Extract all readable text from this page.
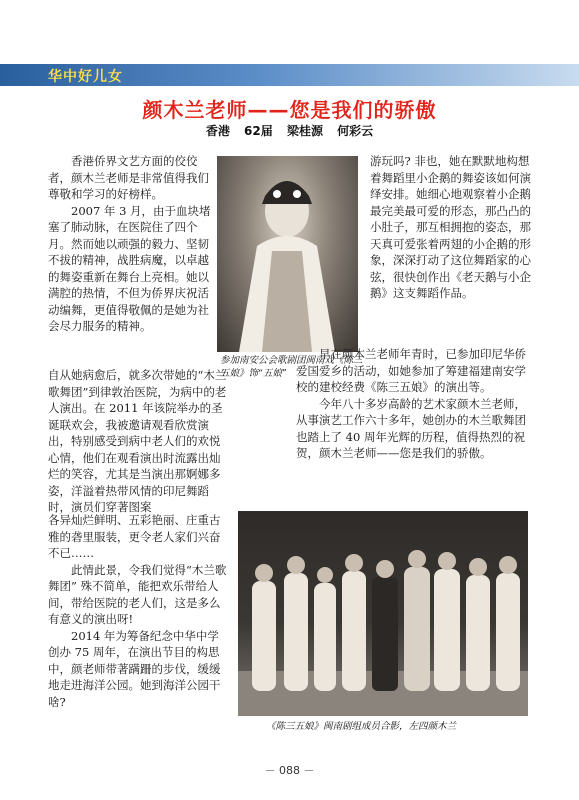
华中好儿女
颜木兰老师——您是我们的骄傲
香港 62届 梁桂源 何彩云

香港侨界文艺方面的佼佼者，颜木兰老师是非常值得我们尊敬和学习的好榜样。

2007 年 3 月，由于血块堵塞了肺动脉，在医院住了四个月。然而她以顽强的毅力、坚韧不拔的精神，战胜病魔，以卓越的舞姿重新在舞台上亮相。她以满腔的热情，不但为侨界庆祝活动编舞，更值得敬佩的是她为社会尽力服务的精神。

参加南安公会歌剧团闽南戏《陈三五娘》饰“五娘”

游玩吗? 非也，她在默默地构想着舞蹈里小企鹅的舞姿该如何演绎安排。她细心地观察着小企鹅最完美最可爱的形态，那凸凸的小肚子，那互相拥抱的姿态，那天真可爱张着两翅的小企鹅的形象，深深打动了这位舞蹈家的心弦，很快创作出《老天鹅与小企鹅》这支舞蹈作品。

自从她病愈后，就多次带她的“木兰歌舞团”到律敦治医院，为病中的老人演出。在 2011 年该院举办的圣诞联欢会，我被邀请观看欣赏演出，特别感受到病中老人们的欢悦心情，他们在观看演出时流露出灿烂的笑容，尤其是当演出那婀娜多姿，洋溢着热带风情的印尼舞蹈时，演员们穿著图案

早在颜木兰老师年青时，已参加印尼华侨爱国爱乡的活动，如她参加了筹建福建南安学校的建校经费《陈三五娘》的演出等。

今年八十多岁高龄的艺术家颜木兰老师，从事演艺工作六十多年，她创办的木兰歌舞团也踏上了 40 周年光辉的历程，值得热烈的祝贺，颜木兰老师——您是我们的骄傲。

各异灿烂鲜明、五彩艳丽、庄重古雅的砻里服装，更令老人家们兴奋不已……

此情此景，令我们觉得“木兰歌舞团” 殊不简单，能把欢乐带给人间，带给医院的老人们，这是多么有意义的演出呀!

2014 年为筹备纪念中华中学创办 75 周年，在演出节目的构思中，颜老师带著蹒跚的步伐，缓缓地走进海洋公园。她到海洋公园干啥?

《陈三五娘》闽南剧组成员合影，左四颜木兰
－ 088 －
